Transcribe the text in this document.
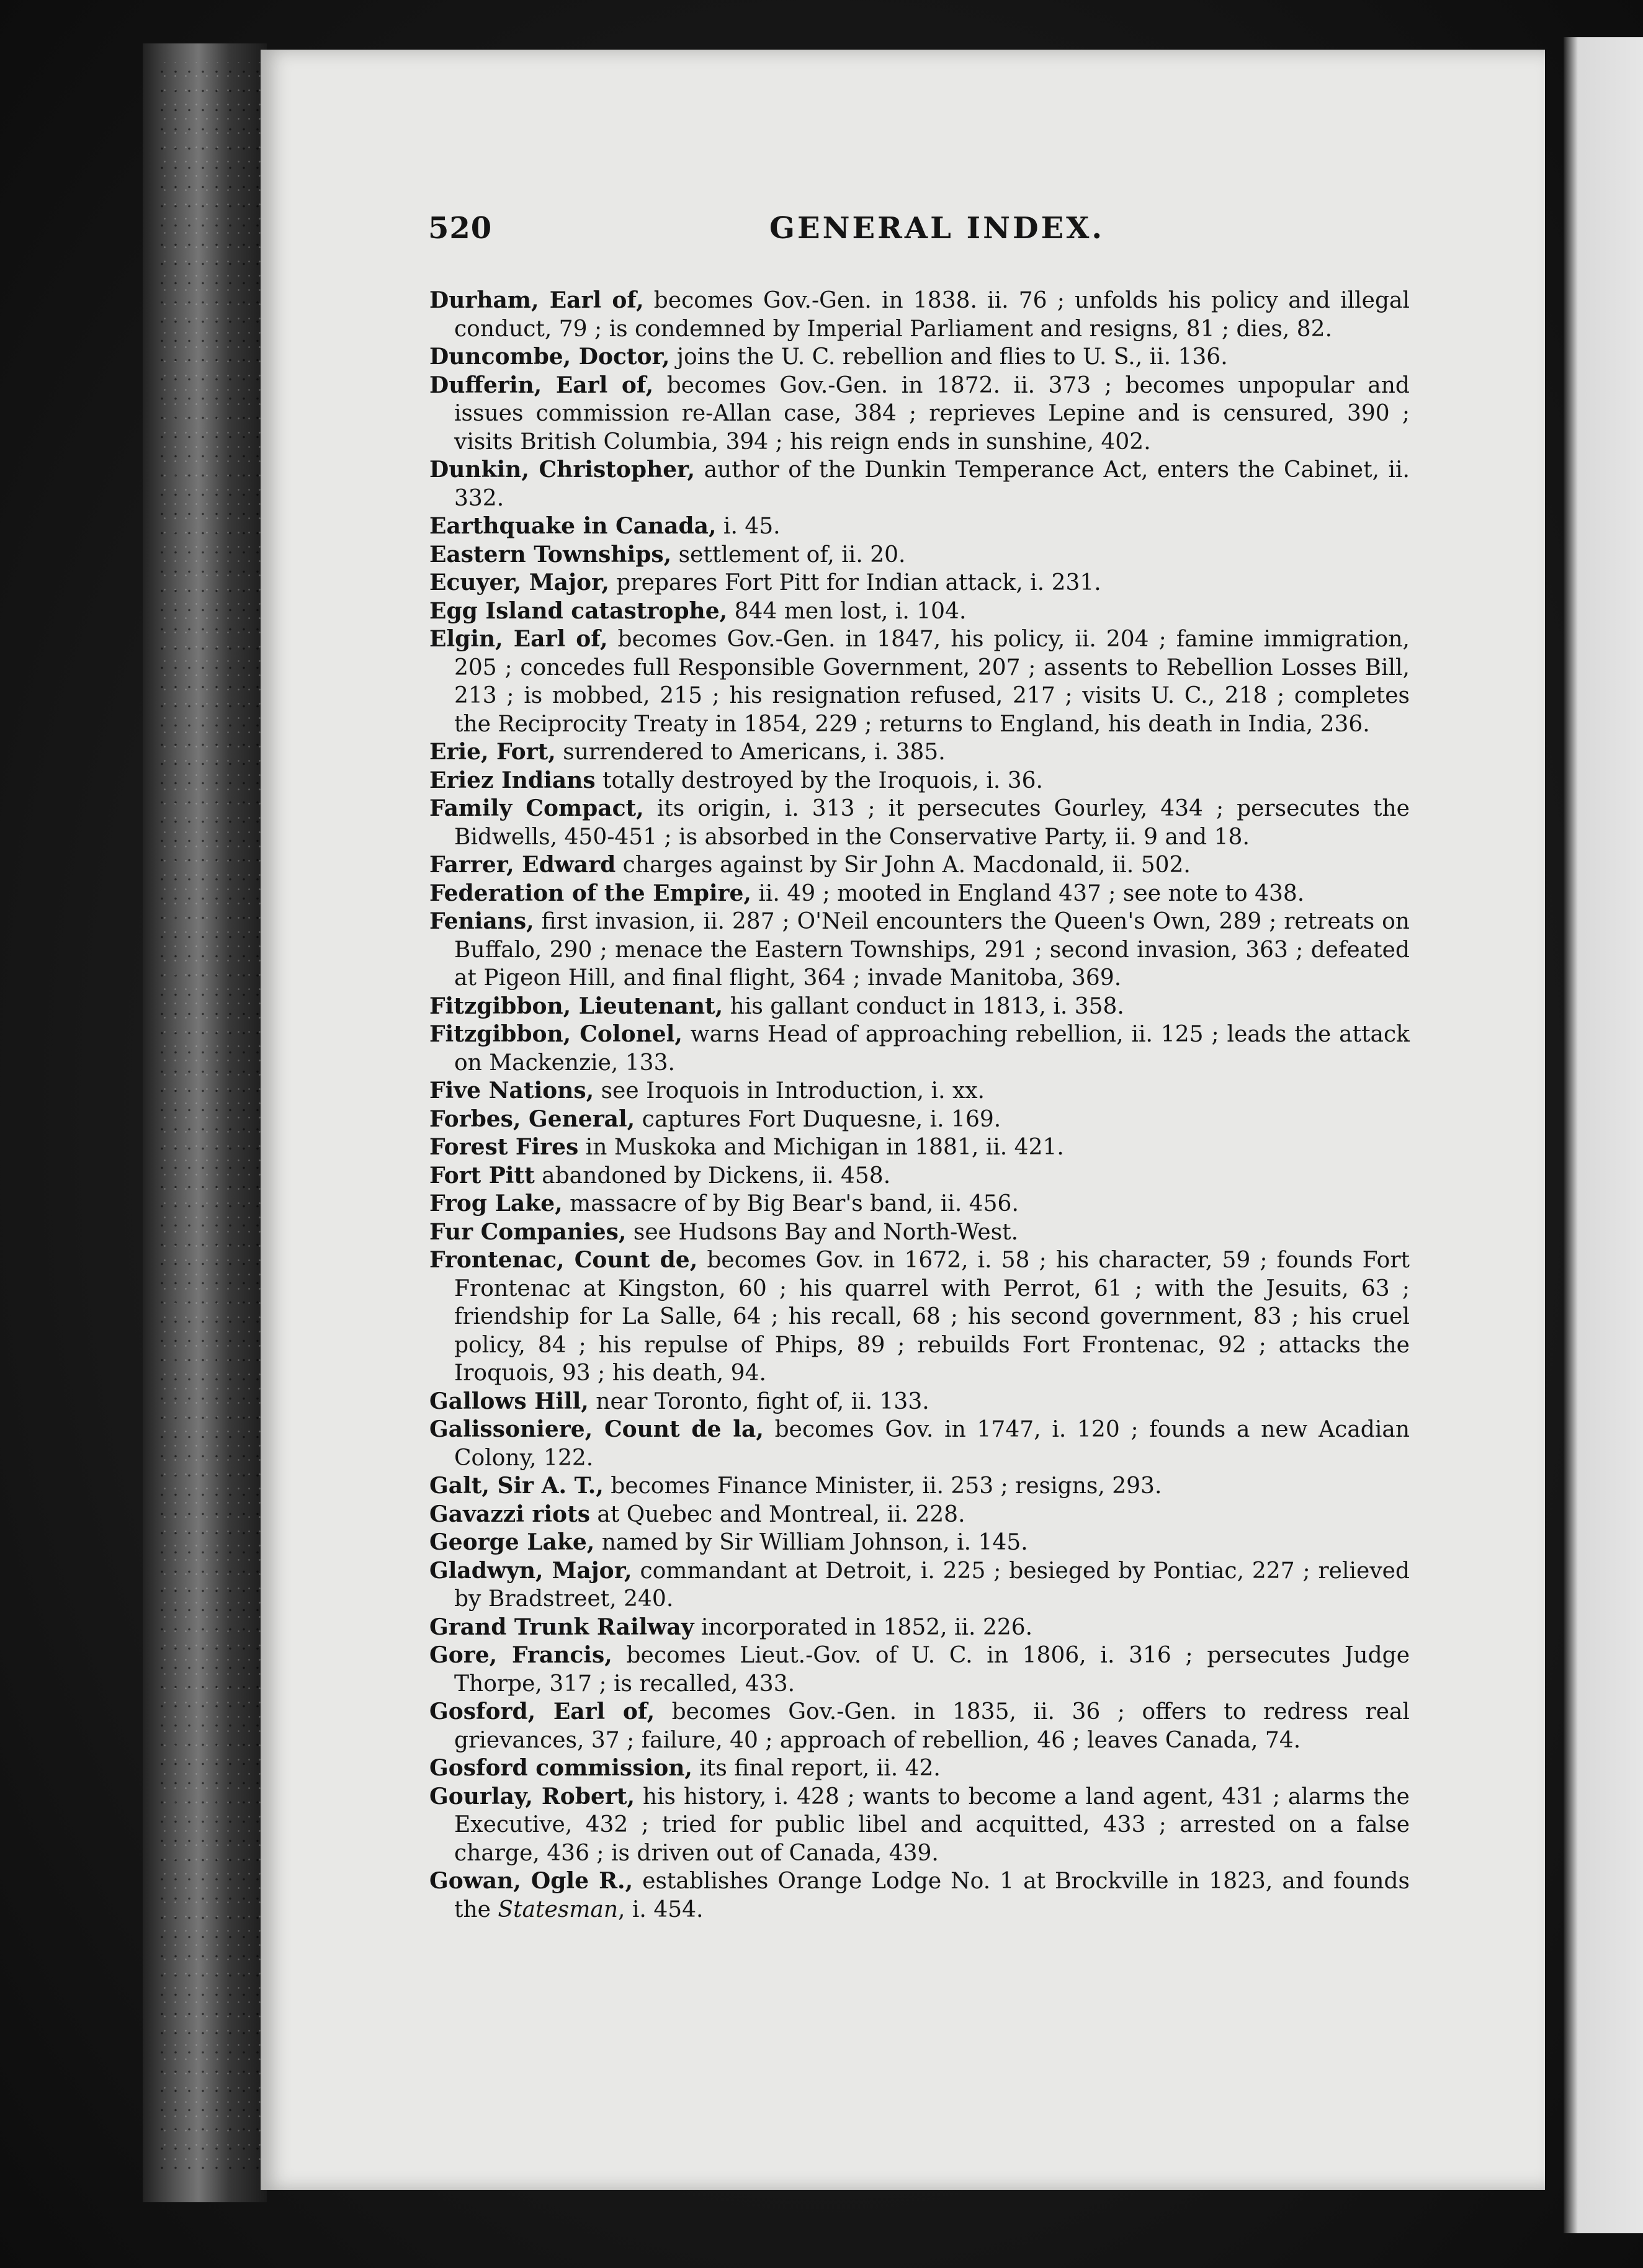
520	GENERAL INDEX.

Durham, Earl of, becomes Gov.-Gen. in 1838. ii. 76 ; unfolds his policy and illegal conduct, 79 ; is condemned by Imperial Parliament and resigns, 81 ; dies, 82.

Duncombe, Doctor, joins the U. C. rebellion and flies to U. S., ii. 136.

Dufferin, Earl of, becomes Gov.-Gen. in 1872. ii. 373 ; becomes unpopular and issues commission re-Allan case, 384 ; reprieves Lepine and is censured, 390 ; visits British Columbia, 394 ; his reign ends in sunshine, 402.

Dunkin, Christopher, author of the Dunkin Temperance Act, enters the Cabinet, ii. 332.

Earthquake in Canada, i. 45.

Eastern Townships, settlement of, ii. 20.

Ecuyer, Major, prepares Fort Pitt for Indian attack, i. 231.

Egg Island catastrophe, 844 men lost, i. 104.

Elgin, Earl of, becomes Gov.-Gen. in 1847, his policy, ii. 204 ; famine immigration, 205 ; concedes full Responsible Government, 207 ; assents to Rebellion Losses Bill, 213 ; is mobbed, 215 ; his resignation refused, 217 ; visits U. C., 218 ; completes the Reciprocity Treaty in 1854, 229 ; returns to England, his death in India, 236.

Erie, Fort, surrendered to Americans, i. 385.

Eriez Indians totally destroyed by the Iroquois, i. 36.

Family Compact, its origin, i. 313 ; it persecutes Gourley, 434 ; persecutes the Bidwells, 450-451 ; is absorbed in the Conservative Party, ii. 9 and 18.

Farrer, Edward charges against by Sir John A. Macdonald, ii. 502.

Federation of the Empire, ii. 49 ; mooted in England 437 ; see note to 438.

Fenians, first invasion, ii. 287 ; O'Neil encounters the Queen's Own, 289 ; retreats on Buffalo, 290 ; menace the Eastern Townships, 291 ; second invasion, 363 ; defeated at Pigeon Hill, and final flight, 364 ; invade Manitoba, 369.

Fitzgibbon, Lieutenant, his gallant conduct in 1813, i. 358.

Fitzgibbon, Colonel, warns Head of approaching rebellion, ii. 125 ; leads the attack on Mackenzie, 133.

Five Nations, see Iroquois in Introduction, i. xx.

Forbes, General, captures Fort Duquesne, i. 169.

Forest Fires in Muskoka and Michigan in 1881, ii. 421.

Fort Pitt abandoned by Dickens, ii. 458.

Frog Lake, massacre of by Big Bear's band, ii. 456.

Fur Companies, see Hudsons Bay and North-West.

Frontenac, Count de, becomes Gov. in 1672, i. 58 ; his character, 59 ; founds Fort Frontenac at Kingston, 60 ; his quarrel with Perrot, 61 ; with the Jesuits, 63 ; friendship for La Salle, 64 ; his recall, 68 ; his second government, 83 ; his cruel policy, 84 ; his repulse of Phips, 89 ; rebuilds Fort Frontenac, 92 ; attacks the Iroquois, 93 ; his death, 94.

Gallows Hill, near Toronto, fight of, ii. 133.

Galissoniere, Count de la, becomes Gov. in 1747, i. 120 ; founds a new Acadian Colony, 122.

Galt, Sir A. T., becomes Finance Minister, ii. 253 ; resigns, 293.

Gavazzi riots at Quebec and Montreal, ii. 228.

George Lake, named by Sir William Johnson, i. 145.

Gladwyn, Major, commandant at Detroit, i. 225 ; besieged by Pontiac, 227 ; relieved by Bradstreet, 240.

Grand Trunk Railway incorporated in 1852, ii. 226.

Gore, Francis, becomes Lieut.-Gov. of U. C. in 1806, i. 316 ; persecutes Judge Thorpe, 317 ; is recalled, 433.

Gosford, Earl of, becomes Gov.-Gen. in 1835, ii. 36 ; offers to redress real grievances, 37 ; failure, 40 ; approach of rebellion, 46 ; leaves Canada, 74.

Gosford commission, its final report, ii. 42.

Gourlay, Robert, his history, i. 428 ; wants to become a land agent, 431 ; alarms the Executive, 432 ; tried for public libel and acquitted, 433 ; arrested on a false charge, 436 ; is driven out of Canada, 439.

Gowan, Ogle R., establishes Orange Lodge No. 1 at Brockville in 1823, and founds the Statesman, i. 454.
